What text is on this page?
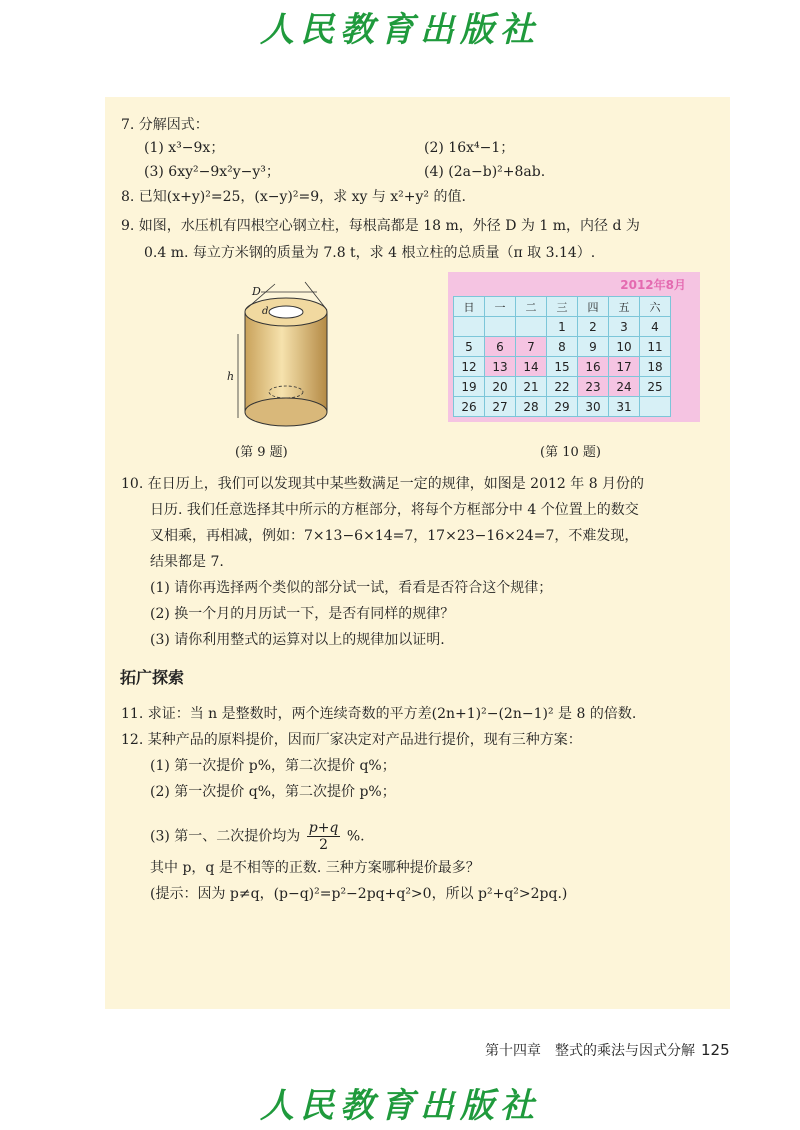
人民教育出版社
7. 分解因式：
(1) x³−9x；	(2) 16x⁴−1；
(3) 6xy²−9x²y−y³；	(4) (2a−b)²+8ab.
8. 已知(x+y)²=25，(x−y)²=9，求 xy 与 x²+y² 的值.
9. 如图，水压机有四根空心钢立柱，每根高都是 18 m，外径 D 为 1 m，内径 d 为
0.4 m. 每立方米钢的质量为 7.8 t，求 4 根立柱的总质量（π 取 3.14）.
D
d
h
(第 9 题)
2012年8月
日	一	二	三	四	五	六
			1	2	3	4
5	6	7	8	9	10	11
12	13	14	15	16	17	18
19	20	21	22	23	24	25
26	27	28	29	30	31	
(第 10 题)
10. 在日历上，我们可以发现其中某些数满足一定的规律，如图是 2012 年 8 月份的
日历. 我们任意选择其中所示的方框部分，将每个方框部分中 4 个位置上的数交
叉相乘，再相减，例如：7×13−6×14=7，17×23−16×24=7，不难发现，
结果都是 7.
(1) 请你再选择两个类似的部分试一试，看看是否符合这个规律；
(2) 换一个月的月历试一下，是否有同样的规律？
(3) 请你利用整式的运算对以上的规律加以证明.
拓广探索
11. 求证：当 n 是整数时，两个连续奇数的平方差(2n+1)²−(2n−1)² 是 8 的倍数.
12. 某种产品的原料提价，因而厂家决定对产品进行提价，现有三种方案：
(1) 第一次提价 p%，第二次提价 q%；
(2) 第一次提价 q%，第二次提价 p%；
(3) 第一、二次提价均为 $\frac{p+q}{2}$ %.
其中 p，q 是不相等的正数. 三种方案哪种提价最多？
(提示：因为 p≠q，(p−q)²=p²−2pq+q²>0，所以 p²+q²>2pq.)
第十四章　整式的乘法与因式分解 125
人民教育出版社
